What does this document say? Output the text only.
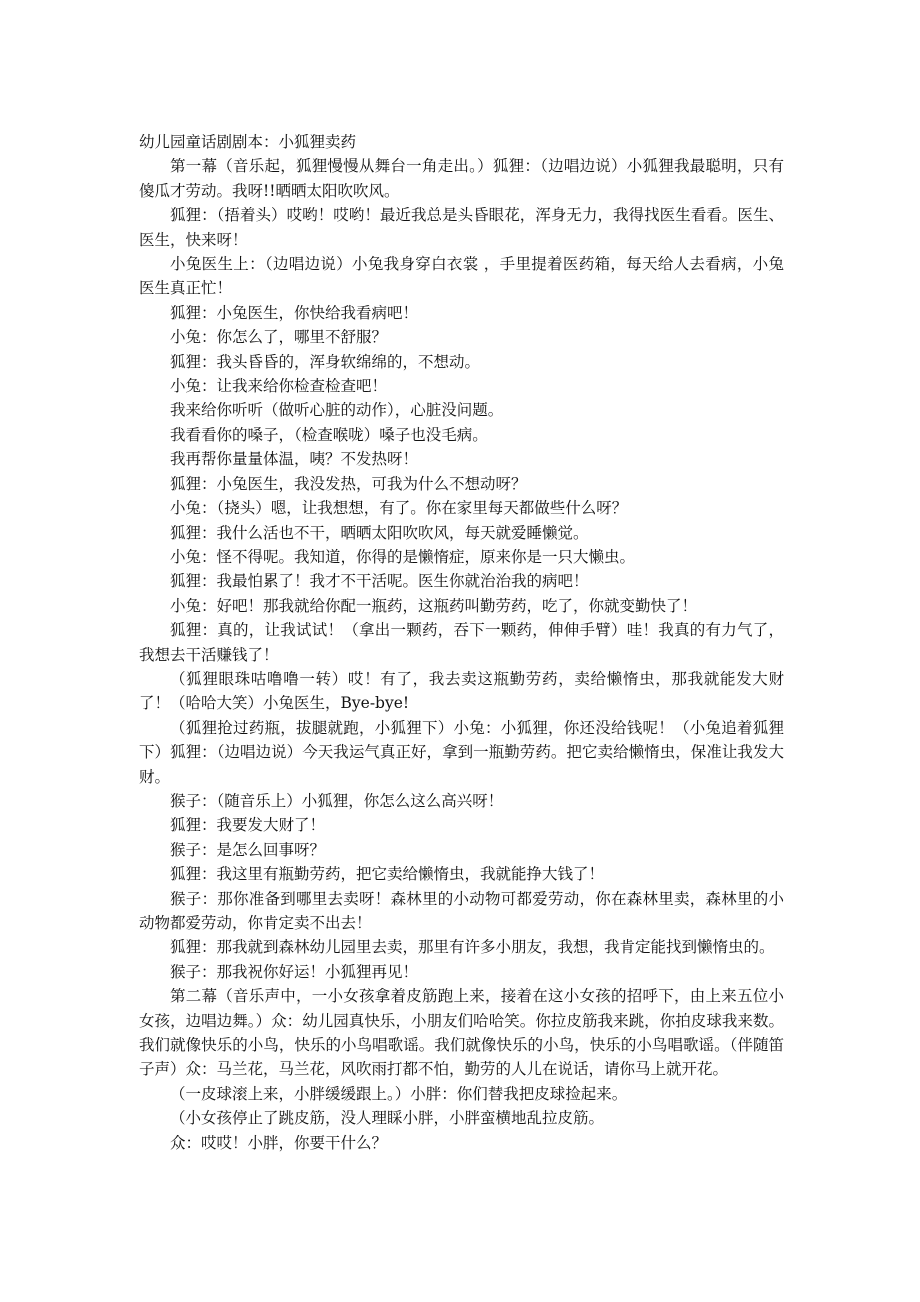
幼儿园童话剧剧本：小狐狸卖药

第一幕（音乐起，狐狸慢慢从舞台一角走出。）狐狸：（边唱边说）小狐狸我最聪明，只有傻瓜才劳动。我呀!!晒晒太阳吹吹风。

狐狸：（捂着头）哎哟！哎哟！最近我总是头昏眼花，浑身无力，我得找医生看看。医生、医生，快来呀！

小兔医生上：（边唱边说）小兔我身穿白衣裳 ，手里提着医药箱，每天给人去看病，小兔医生真正忙！

狐狸：小兔医生，你快给我看病吧！

小兔：你怎么了，哪里不舒服？

狐狸：我头昏昏的，浑身软绵绵的，不想动。

小兔：让我来给你检查检查吧！

我来给你听听（做听心脏的动作），心脏没问题。

我看看你的嗓子，（检查喉咙）嗓子也没毛病。

我再帮你量量体温，咦？不发热呀！

狐狸：小兔医生，我没发热，可我为什么不想动呀？

小兔：（挠头）嗯，让我想想，有了。你在家里每天都做些什么呀？

狐狸：我什么活也不干，晒晒太阳吹吹风，每天就爱睡懒觉。

小兔：怪不得呢。我知道，你得的是懒惰症，原来你是一只大懒虫。

狐狸：我最怕累了！我才不干活呢。医生你就治治我的病吧！

小兔：好吧！那我就给你配一瓶药，这瓶药叫勤劳药，吃了，你就变勤快了！

狐狸：真的，让我试试！（拿出一颗药，吞下一颗药，伸伸手臂）哇！我真的有力气了，我想去干活赚钱了！

（狐狸眼珠咕噜噜一转）哎！有了，我去卖这瓶勤劳药，卖给懒惰虫，那我就能发大财了！（哈哈大笑）小兔医生，Bye-bye!

（狐狸抢过药瓶，拔腿就跑，小狐狸下）小兔：小狐狸，你还没给钱呢！（小兔追着狐狸下）狐狸：（边唱边说）今天我运气真正好，拿到一瓶勤劳药。把它卖给懒惰虫，保准让我发大财。

猴子：（随音乐上）小狐狸，你怎么这么高兴呀！

狐狸：我要发大财了！

猴子：是怎么回事呀？

狐狸：我这里有瓶勤劳药，把它卖给懒惰虫，我就能挣大钱了！

猴子：那你准备到哪里去卖呀！森林里的小动物可都爱劳动，你在森林里卖，森林里的小动物都爱劳动，你肯定卖不出去！

狐狸：那我就到森林幼儿园里去卖，那里有许多小朋友，我想，我肯定能找到懒惰虫的。

猴子：那我祝你好运！小狐狸再见！

第二幕（音乐声中，一小女孩拿着皮筋跑上来，接着在这小女孩的招呼下，由上来五位小女孩，边唱边舞。）众：幼儿园真快乐，小朋友们哈哈笑。你拉皮筋我来跳，你拍皮球我来数。我们就像快乐的小鸟，快乐的小鸟唱歌谣。我们就像快乐的小鸟，快乐的小鸟唱歌谣。（伴随笛子声）众：马兰花，马兰花，风吹雨打都不怕，勤劳的人儿在说话，请你马上就开花。

（一皮球滚上来，小胖缓缓跟上。）小胖：你们替我把皮球捡起来。

（小女孩停止了跳皮筋，没人理睬小胖，小胖蛮横地乱拉皮筋。

众：哎哎！小胖，你要干什么？
